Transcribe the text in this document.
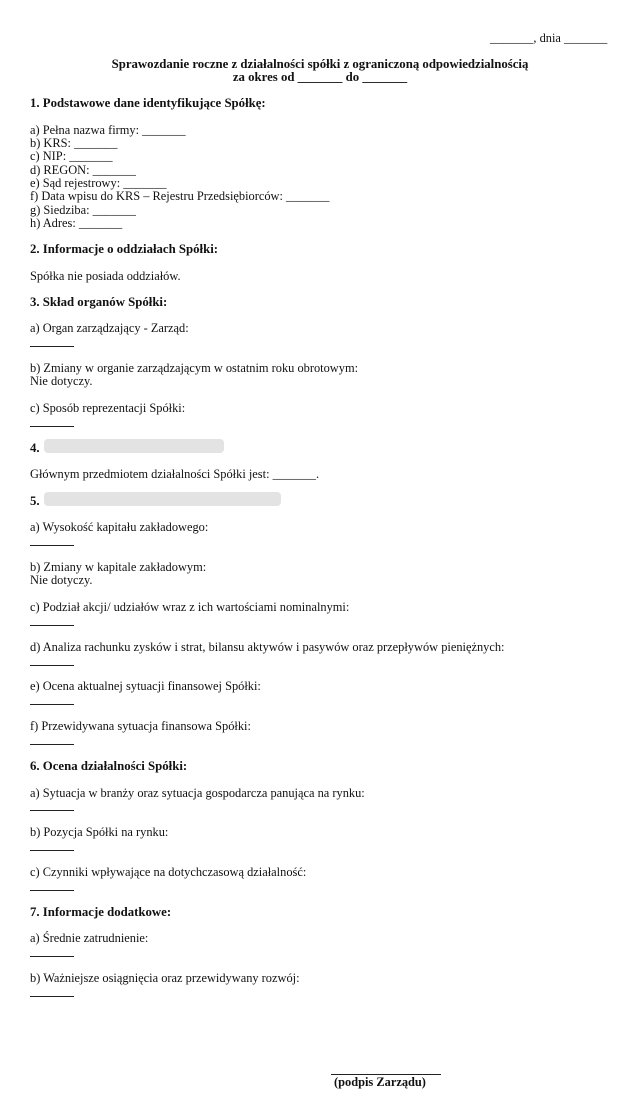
_______, dnia _______
Sprawozdanie roczne z działalności spółki z ograniczoną odpowiedzialnością
za okres od _______ do _______
1. Podstawowe dane identyfikujące Spółkę:
a) Pełna nazwa firmy: _______
b) KRS: _______
c) NIP: _______
d) REGON: _______
e) Sąd rejestrowy: _______
f) Data wpisu do KRS – Rejestru Przedsiębiorców: _______
g) Siedziba: _______
h) Adres: _______
2. Informacje o oddziałach Spółki:
Spółka nie posiada oddziałów.
3. Skład organów Spółki:
a) Organ zarządzający - Zarząd:
b) Zmiany w organie zarządzającym w ostatnim roku obrotowym:
Nie dotyczy.
c) Sposób reprezentacji Spółki:
4.
Głównym przedmiotem działalności Spółki jest: _______.
5.
a) Wysokość kapitału zakładowego:
b) Zmiany w kapitale zakładowym:
Nie dotyczy.
c) Podział akcji/ udziałów wraz z ich wartościami nominalnymi:
d) Analiza rachunku zysków i strat, bilansu aktywów i pasywów oraz przepływów pieniężnych:
e) Ocena aktualnej sytuacji finansowej Spółki:
f) Przewidywana sytuacja finansowa Spółki:
6. Ocena działalności Spółki:
a) Sytuacja w branży oraz sytuacja gospodarcza panująca na rynku:
b) Pozycja Spółki na rynku:
c) Czynniki wpływające na dotychczasową działalność:
7. Informacje dodatkowe:
a) Średnie zatrudnienie:
b) Ważniejsze osiągnięcia oraz przewidywany rozwój:
(podpis Zarządu)
